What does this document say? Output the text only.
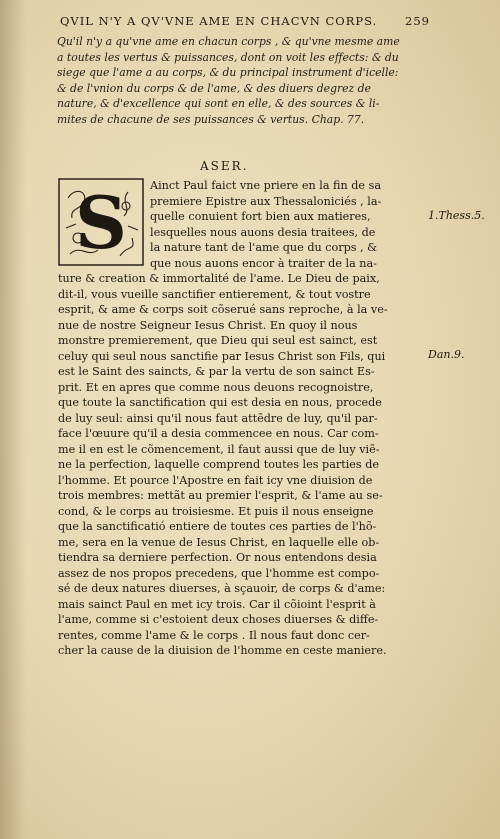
QVIL N'Y A QV'VNE AME EN CHACVN CORPS. 259
Qu'il n'y a qu'vne ame en chacun corps , & qu'vne mesme ame
a toutes les vertus & puissances, dont on voit les effects: & du
siege que l'ame a au corps, & du principal instrument d'icelle:
& de l'vnion du corps & de l'ame, & des diuers degrez de
nature, & d'excellence qui sont en elle, & des sources & li-
mites de chacune de ses puissances & vertus. Chap. 77.
ASER.
S	Ainct Paul faict vne priere en la fin de sa
premiere Epistre aux Thessaloniciés , la-
quelle conuient fort bien aux matieres,
lesquelles nous auons desia traitees, de
la nature tant de l'ame que du corps , &
que nous auons encor à traiter de la na-
ture & creation & immortalité de l'ame. Le Dieu de paix,
dit-il, vous vueille sanctifier entierement, & tout vostre
esprit, & ame & corps soit cõserué sans reproche, à la ve-
nue de nostre Seigneur Iesus Christ. En quoy il nous
monstre premierement, que Dieu qui seul est sainct, est
celuy qui seul nous sanctifie par Iesus Christ son Fils, qui
est le Saint des saincts, & par la vertu de son sainct Es-
prit. Et en apres que comme nous deuons recognoistre,
que toute la sanctification qui est desia en nous, procede
de luy seul: ainsi qu'il nous faut attẽdre de luy, qu'il par-
face l'œuure qu'il a desia commencee en nous. Car com-
me il en est le cõmencement, il faut aussi que de luy viẽ-
ne la perfection, laquelle comprend toutes les parties de
l'homme. Et pource l'Apostre en fait icy vne diuision de
trois membres: mettãt au premier l'esprit, & l'ame au se-
cond, & le corps au troisiesme. Et puis il nous enseigne
que la sanctificatió entiere de toutes ces parties de l'hõ-
me, sera en la venue de Iesus Christ, en laquelle elle ob-
tiendra sa derniere perfection. Or nous entendons desia
assez de nos propos precedens, que l'homme est compo-
sé de deux natures diuerses, à sçauoir, de corps & d'ame:
mais sainct Paul en met icy trois. Car il cõioint l'esprit à
l'ame, comme si c'estoient deux choses diuerses & diffe-
rentes, comme l'ame & le corps . Il nous faut donc cer-
cher la cause de la diuision de l'homme en ceste maniere.
1.Thess.5.
Dan.9.
